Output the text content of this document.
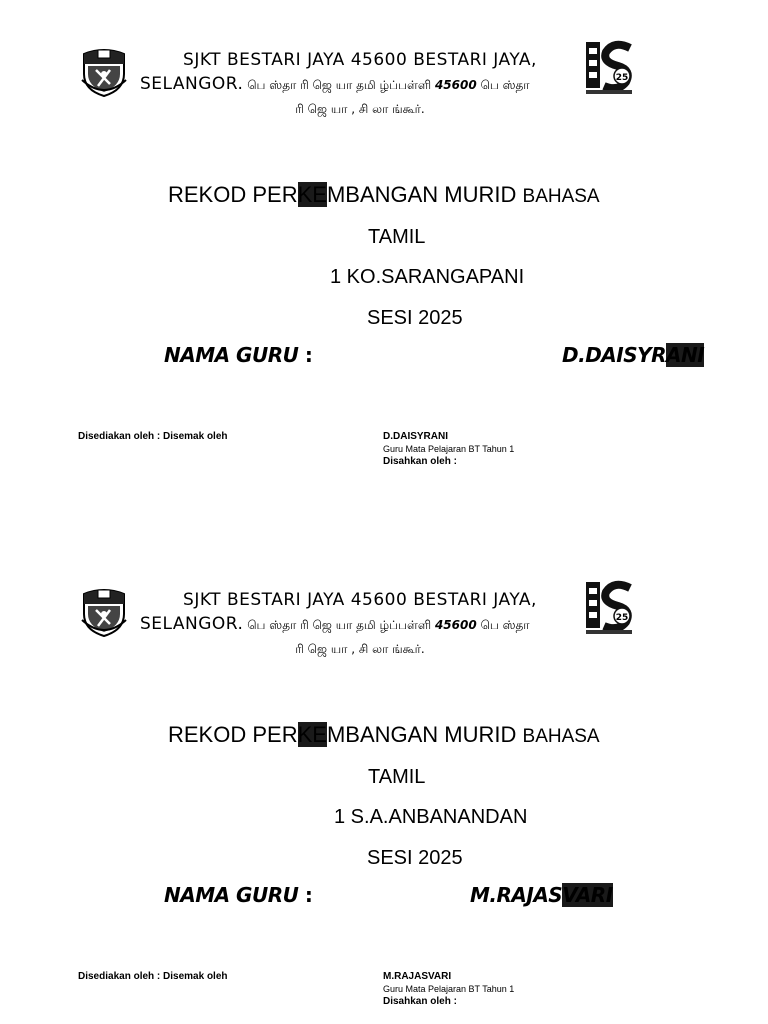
25
SJKT BESTARI JAYA 45600 BESTARI JAYA,
SELANGOR. பெ ஸ்தா ரி ஜெ யா தமி ழ்ப்பள்ளி 45600 பெ ஸ்தா
ரி ஜெ யா , சி லா ங்கூர்.
REKOD PERKEMBANGAN MURID BAHASA
TAMIL
1 KO.SARANGAPANI
SESI 2025
NAMA GURU :	D.DAISYRANI
Disediakan oleh : Disemak oleh	D.DAISYRANI
Guru Mata Pelajaran BT Tahun 1
Disahkan oleh :
25
SJKT BESTARI JAYA 45600 BESTARI JAYA,
SELANGOR. பெ ஸ்தா ரி ஜெ யா தமி ழ்ப்பள்ளி 45600 பெ ஸ்தா
ரி ஜெ யா , சி லா ங்கூர்.
REKOD PERKEMBANGAN MURID BAHASA
TAMIL
1 S.A.ANBANANDAN
SESI 2025
NAMA GURU :	M.RAJASVARI
Disediakan oleh : Disemak oleh	M.RAJASVARI
Guru Mata Pelajaran BT Tahun 1
Disahkan oleh :
